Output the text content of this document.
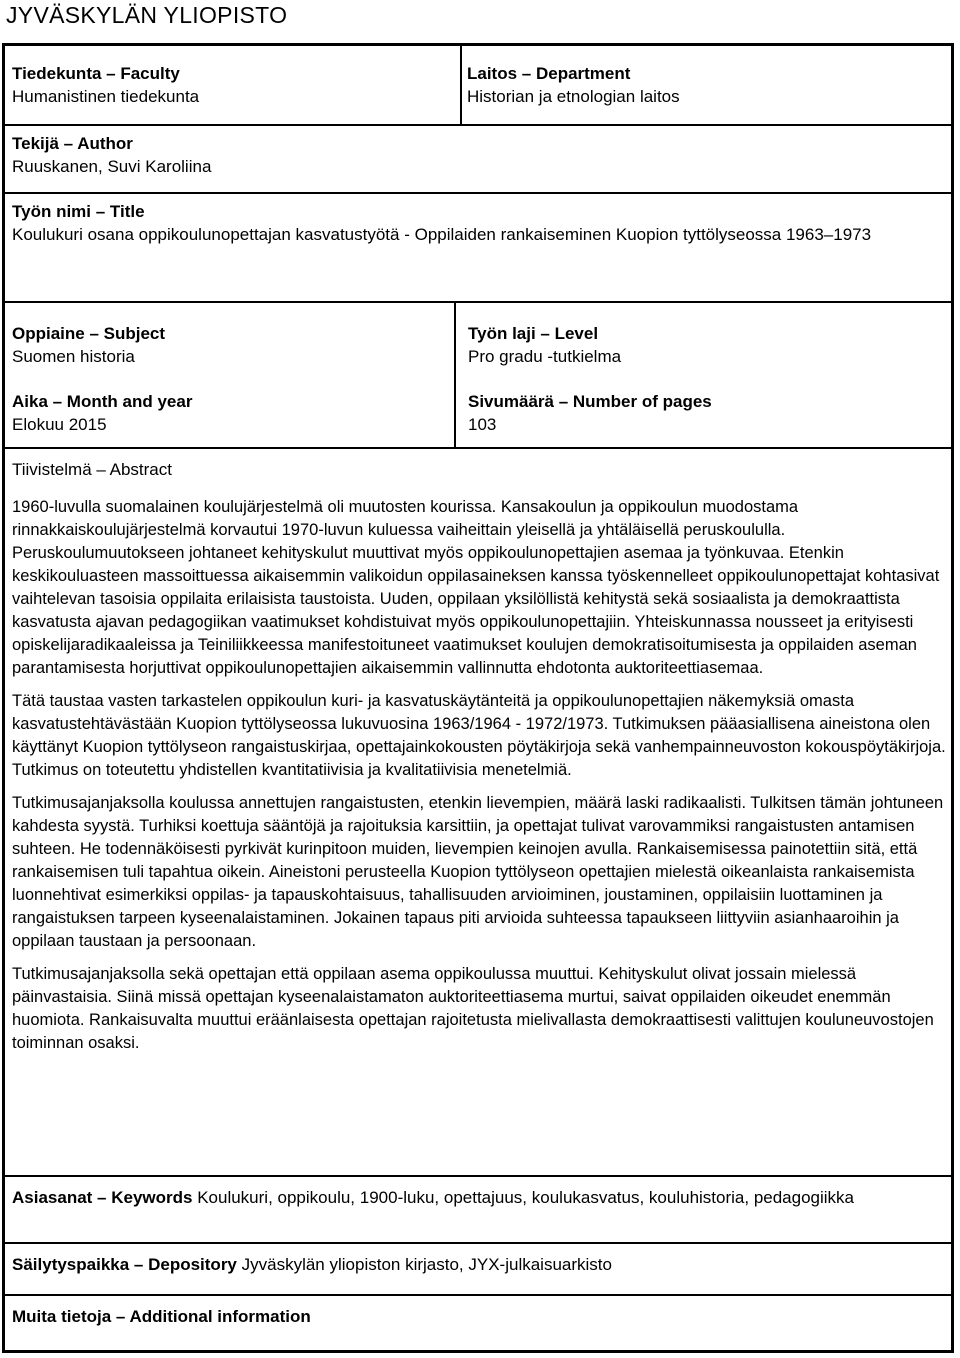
JYVÄSKYLÄN YLIOPISTO
Tiedekunta – Faculty
Humanistinen tiedekunta
Laitos – Department
Historian ja etnologian laitos
Tekijä – Author
Ruuskanen, Suvi Karoliina
Työn nimi – Title
Koulukuri osana oppikoulunopettajan kasvatustyötä - Oppilaiden rankaiseminen Kuopion tyttölyseossa 1963–1973
Oppiaine – Subject
Suomen historia
Työn laji – Level
Pro gradu -tutkielma
Aika – Month and year
Elokuu 2015
Sivumäärä – Number of pages
103
Tiivistelmä – Abstract

1960-luvulla suomalainen koulujärjestelmä oli muutosten kourissa. Kansakoulun ja oppikoulun muodostama rinnakkaiskoulujärjestelmä korvautui 1970-luvun kuluessa vaiheittain yleisellä ja yhtäläisellä peruskoululla. Peruskoulumuutokseen johtaneet kehityskulut muuttivat myös oppikoulunopettajien asemaa ja työnkuvaa. Etenkin keskikouluasteen massoittuessa aikaisemmin valikoidun oppilasaineksen kanssa työskennelleet oppikoulunopettajat kohtasivat vaihtelevan tasoisia oppilaita erilaisista taustoista. Uuden, oppilaan yksilöllistä kehitystä sekä sosiaalista ja demokraattista kasvatusta ajavan pedagogiikan vaatimukset kohdistuivat myös oppikoulunopettajiin. Yhteiskunnassa nousseet ja erityisesti opiskelijaradikaaleissa ja Teiniliikkeessa manifestoituneet vaatimukset koulujen demokratisoitumisesta ja oppilaiden aseman parantamisesta horjuttivat oppikoulunopettajien aikaisemmin vallinnutta ehdotonta auktoriteettiasemaa.

Tätä taustaa vasten tarkastelen oppikoulun kuri- ja kasvatuskäytänteitä ja oppikoulunopettajien näkemyksiä omasta kasvatustehtävästään Kuopion tyttölyseossa lukuvuosina 1963/1964 - 1972/1973. Tutkimuksen pääasiallisena aineistona olen käyttänyt Kuopion tyttölyseon rangaistuskirjaa, opettajainkokousten pöytäkirjoja sekä vanhempainneuvoston kokouspöytäkirjoja. Tutkimus on toteutettu yhdistellen kvantitatiivisia ja kvalitatiivisia menetelmiä.

Tutkimusajanjaksolla koulussa annettujen rangaistusten, etenkin lievempien, määrä laski radikaalisti. Tulkitsen tämän johtuneen kahdesta syystä. Turhiksi koettuja sääntöjä ja rajoituksia karsittiin, ja opettajat tulivat varovammiksi rangaistusten antamisen suhteen. He todennäköisesti pyrkivät kurinpitoon muiden, lievempien keinojen avulla. Rankaisemisessa painotettiin sitä, että rankaisemisen tuli tapahtua oikein. Aineistoni perusteella Kuopion tyttölyseon opettajien mielestä oikeanlaista rankaisemista luonnehtivat esimerkiksi oppilas- ja tapauskohtaisuus, tahallisuuden arvioiminen, joustaminen, oppilaisiin luottaminen ja rangaistuksen tarpeen kyseenalaistaminen. Jokainen tapaus piti arvioida suhteessa tapaukseen liittyviin asianhaaroihin ja oppilaan taustaan ja persoonaan.

Tutkimusajanjaksolla sekä opettajan että oppilaan asema oppikoulussa muuttui. Kehityskulut olivat jossain mielessä päinvastaisia. Siinä missä opettajan kyseenalaistamaton auktoriteettiasema murtui, saivat oppilaiden oikeudet enemmän huomiota. Rankaisuvalta muuttui eräänlaisesta opettajan rajoitetusta mielivallasta demokraattisesti valittujen kouluneuvostojen toiminnan osaksi.

Asiasanat – Keywords Koulukuri, oppikoulu, 1900-luku, opettajuus, koulukasvatus, kouluhistoria, pedagogiikka
Säilytyspaikka – Depository Jyväskylän yliopiston kirjasto, JYX-julkaisuarkisto
Muita tietoja – Additional information
